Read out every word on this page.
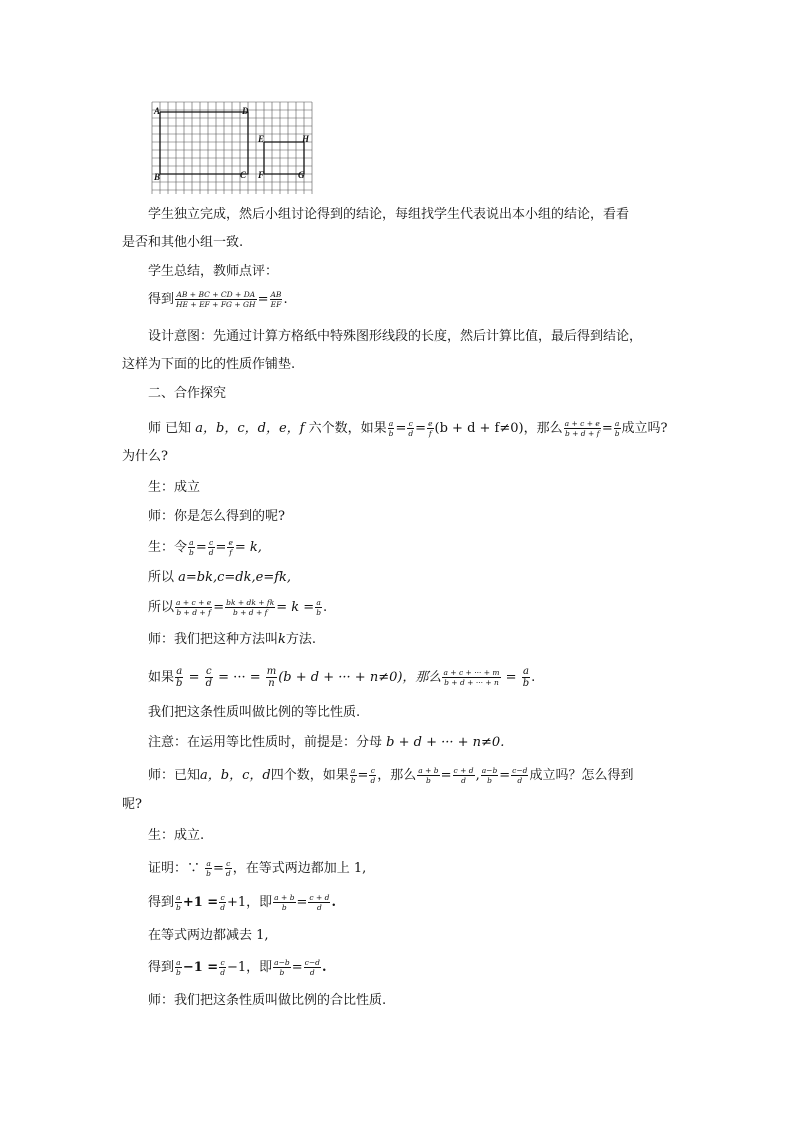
A	D
E	H
B	C F	G
学生独立完成，然后小组讨论得到的结论，每组找学生代表说出本小组的结论，看看
是否和其他小组一致.
学生总结，教师点评：
得到 $\frac{AB + BC + CD + DA}{HE + EF + FG + GH} = \frac{AB}{EF}$ .
设计意图：先通过计算方格纸中特殊图形线段的长度，然后计算比值，最后得到结论，
这样为下面的比的性质作铺垫.
二、合作探究
师 已知 a，b，c，d，e，f 六个数，如果 $\frac{a}{b} = \frac{c}{d} = \frac{e}{f} (b + d + f\ne 0)$，那么 $\frac{a + c + e}{b + d + f} = \frac{a}{b}$ 成立吗?
为什么?
生：成立
师：你是怎么得到的呢?
生：令 $\frac{a}{b} = \frac{c}{d} = \frac{e}{f} = k$,
所以 a=bk,c=dk,e=fk,
所以 $\frac{a + c + e}{b + d + f} = \frac{bk + dk + fk}{b + d + f} = k = \frac{a}{b}$ .
师：我们把这种方法叫k方法.
如果 $\frac{a}{b} = \frac{c}{d}$ = ··· = $\frac{m}{n} (b + d$ + ··· + n≠0)，那么 $\frac{a + c + \cdot\cdot\cdot + m}{b + d + \cdot\cdot\cdot + n} = \frac{a}{b}$ .
我们把这条性质叫做比例的等比性质.
注意：在运用等比性质时，前提是：分母 b + d + ··· + n≠0.
师：已知a，b，c，d四个数，如果 $\frac{a}{b} = \frac{c}{d}$ ，那么 $\frac{a + b}{b} = \frac{c + d}{d}$ , $\frac{a-b}{b} = \frac{c-d}{d}$ 成立吗？怎么得到
呢?
生：成立.
证明：∵ $\frac{a}{b} = \frac{c}{d}$ ，在等式两边都加上 1,
得到 $\frac{a}{b} +1 = \frac{c}{d} +1$，即 $\frac{a + b}{b} = \frac{c + d}{d}$ .
在等式两边都减去 1,
得到 $\frac{a}{b} -1 = \frac{c}{d} -1$，即 $\frac{a-b}{b} = \frac{c-d}{d}$ .
师：我们把这条性质叫做比例的合比性质.
